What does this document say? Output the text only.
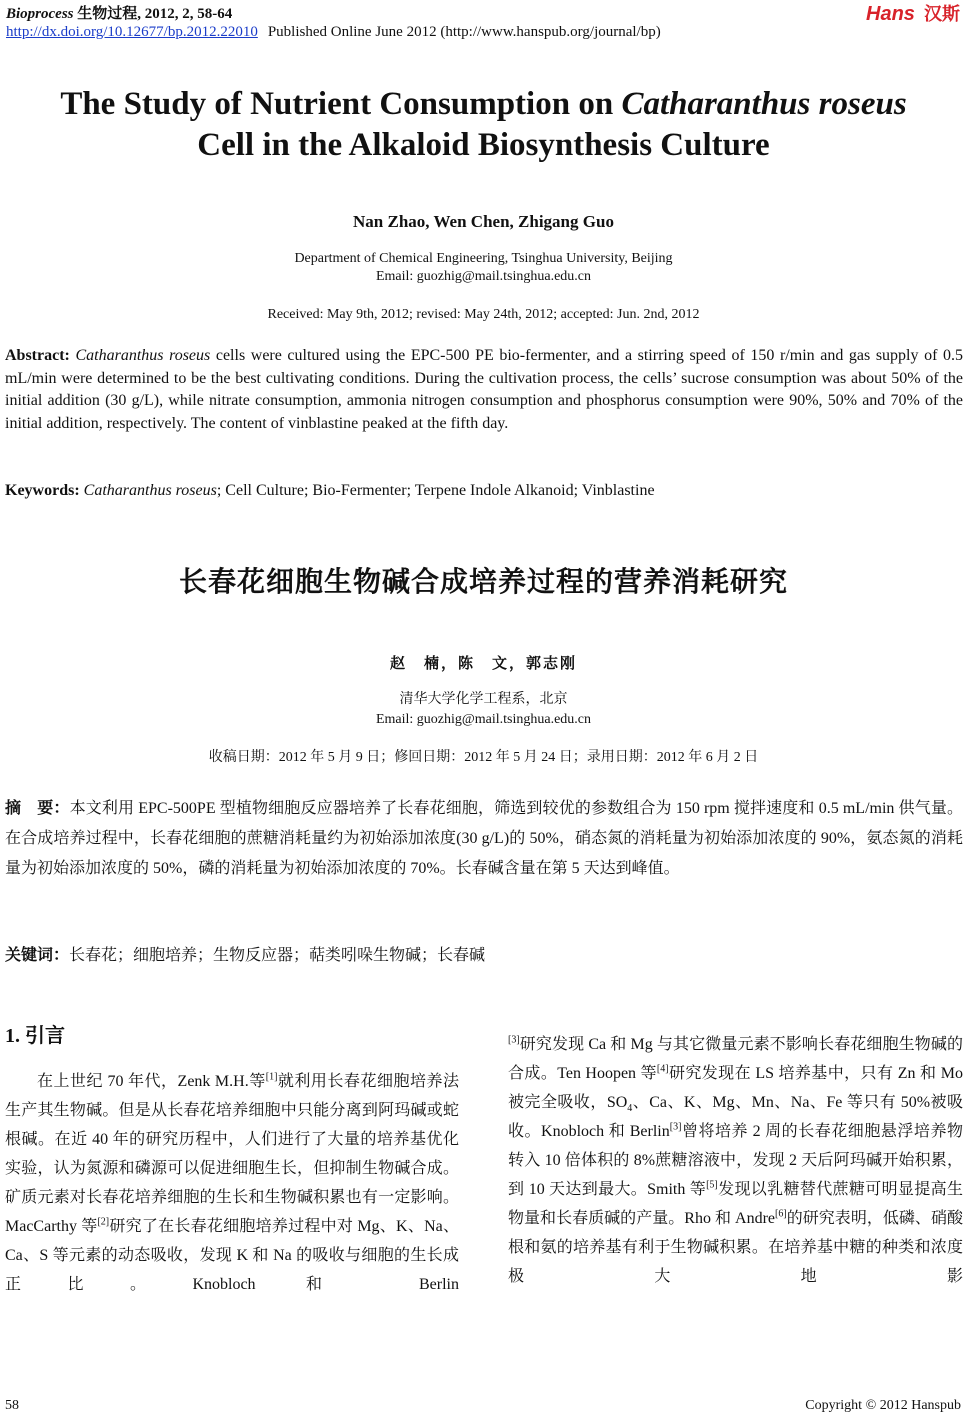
Bioprocess 生物过程, 2012, 2, 58-64
http://dx.doi.org/10.12677/bp.2012.22010 Published Online June 2012 (http://www.hanspub.org/journal/bp)
Hans 汉斯
The Study of Nutrient Consumption on Catharanthus roseus
Cell in the Alkaloid Biosynthesis Culture
Nan Zhao, Wen Chen, Zhigang Guo
Department of Chemical Engineering, Tsinghua University, Beijing
Email: guozhig@mail.tsinghua.edu.cn
Received: May 9th, 2012; revised: May 24th, 2012; accepted: Jun. 2nd, 2012
Abstract: Catharanthus roseus cells were cultured using the EPC-500 PE bio-fermenter, and a stirring speed of 150 r/min and gas supply of 0.5 mL/min were determined to be the best cultivating conditions. During the cultivation process, the cells’ sucrose consumption was about 50% of the initial addition (30 g/L), while nitrate consumption, ammonia nitrogen consumption and phosphorus consumption were 90%, 50% and 70% of the initial addition, respectively. The content of vinblastine peaked at the fifth day.
Keywords: Catharanthus roseus; Cell Culture; Bio-Fermenter; Terpene Indole Alkanoid; Vinblastine
长春花细胞生物碱合成培养过程的营养消耗研究
赵　楠，陈　文，郭志刚
清华大学化学工程系，北京
Email: guozhig@mail.tsinghua.edu.cn
收稿日期：2012 年 5 月 9 日；修回日期：2012 年 5 月 24 日；录用日期：2012 年 6 月 2 日
摘　要：本文利用 EPC-500PE 型植物细胞反应器培养了长春花细胞，筛选到较优的参数组合为 150 rpm 搅拌速度和 0.5 mL/min 供气量。在合成培养过程中，长春花细胞的蔗糖消耗量约为初始添加浓度(30 g/L)的 50%，硝态氮的消耗量为初始添加浓度的 90%，氨态氮的消耗量为初始添加浓度的 50%，磷的消耗量为初始添加浓度的 70%。长春碱含量在第 5 天达到峰值。
关键词：长春花；细胞培养；生物反应器；萜类吲哚生物碱；长春碱
1. 引言
在上世纪 70 年代，Zenk M.H.等[1]就利用长春花细胞培养法生产其生物碱。但是从长春花培养细胞中只能分离到阿玛碱或蛇根碱。在近 40 年的研究历程中，人们进行了大量的培养基优化实验，认为氮源和磷源可以促进细胞生长，但抑制生物碱合成。矿质元素对长春花培养细胞的生长和生物碱积累也有一定影响。MacCarthy 等[2]研究了在长春花细胞培养过程中对 Mg、K、Na、Ca、S 等元素的动态吸收，发现 K 和 Na 的吸收与细胞的生长成正比。Knobloch 和 Berlin
[3]研究发现 Ca 和 Mg 与其它微量元素不影响长春花细胞生物碱的合成。Ten Hoopen 等[4]研究发现在 LS 培养基中，只有 Zn 和 Mo 被完全吸收，$SO_4$、Ca、K、Mg、Mn、Na、Fe 等只有 50%被吸收。Knobloch 和 Berlin[3]曾将培养 2 周的长春花细胞悬浮培养物转入 10 倍体积的 8%蔗糖溶液中，发现 2 天后阿玛碱开始积累，到 10 天达到最大。Smith 等[5]发现以乳糖替代蔗糖可明显提高生物量和长春质碱的产量。Rho 和 Andre[6]的研究表明，低磷、硝酸根和氨的培养基有利于生物碱积累。在培养基中糖的种类和浓度极大地影
58	Copyright © 2012 Hanspub
